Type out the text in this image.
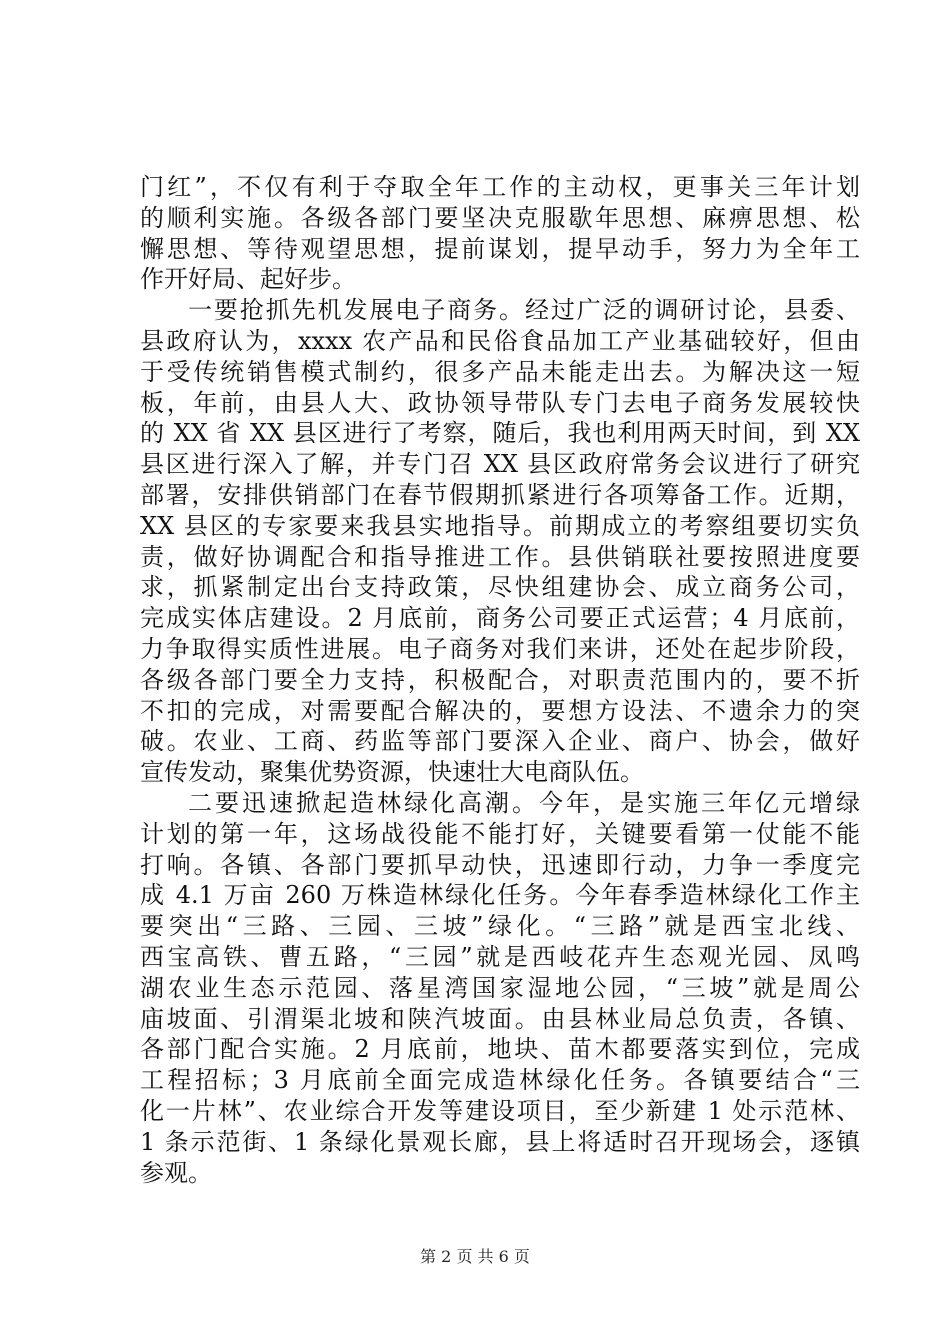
门红”，不仅有利于夺取全年工作的主动权，更事关三年计划
的顺利实施。各级各部门要坚决克服歇年思想、麻痹思想、松
懈思想、等待观望思想，提前谋划，提早动手，努力为全年工
作开好局、起好步。
一要抢抓先机发展电子商务。经过广泛的调研讨论，县委、
县政府认为，xxxx 农产品和民俗食品加工产业基础较好，但由
于受传统销售模式制约，很多产品未能走出去。为解决这一短
板，年前，由县人大、政协领导带队专门去电子商务发展较快
的 XX 省 XX 县区进行了考察，随后，我也利用两天时间，到 XX
县区进行深入了解，并专门召 XX 县区政府常务会议进行了研究
部署，安排供销部门在春节假期抓紧进行各项筹备工作。近期，
XX 县区的专家要来我县实地指导。前期成立的考察组要切实负
责，做好协调配合和指导推进工作。县供销联社要按照进度要
求，抓紧制定出台支持政策，尽快组建协会、成立商务公司，
完成实体店建设。2 月底前，商务公司要正式运营；4 月底前，
力争取得实质性进展。电子商务对我们来讲，还处在起步阶段，
各级各部门要全力支持，积极配合，对职责范围内的，要不折
不扣的完成，对需要配合解决的，要想方设法、不遗余力的突
破。农业、工商、药监等部门要深入企业、商户、协会，做好
宣传发动，聚集优势资源，快速壮大电商队伍。
二要迅速掀起造林绿化高潮。今年，是实施三年亿元增绿
计划的第一年，这场战役能不能打好，关键要看第一仗能不能
打响。各镇、各部门要抓早动快，迅速即行动，力争一季度完
成 4.1 万亩 260 万株造林绿化任务。今年春季造林绿化工作主
要突出“三路、三园、三坡”绿化。“三路”就是西宝北线、
西宝高铁、曹五路，“三园”就是西岐花卉生态观光园、凤鸣
湖农业生态示范园、落星湾国家湿地公园，“三坡”就是周公
庙坡面、引渭渠北坡和陕汽坡面。由县林业局总负责，各镇、
各部门配合实施。2 月底前，地块、苗木都要落实到位，完成
工程招标；3 月底前全面完成造林绿化任务。各镇要结合“三
化一片林”、农业综合开发等建设项目，至少新建 1 处示范林、
1 条示范街、1 条绿化景观长廊，县上将适时召开现场会，逐镇
参观。
第 2 页 共 6 页
